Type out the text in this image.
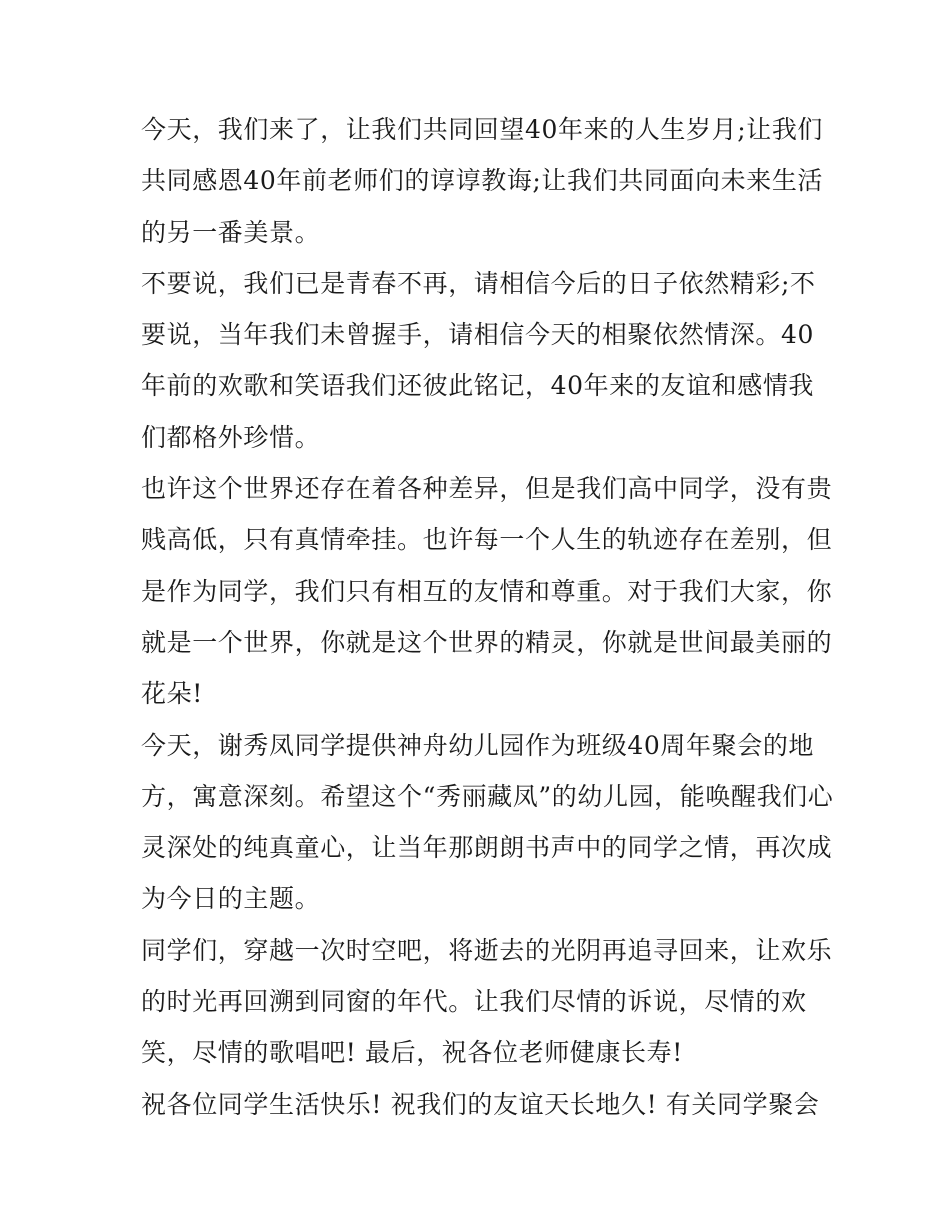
今天，我们来了，让我们共同回望40年来的人生岁月;让我们
共同感恩40年前老师们的谆谆教诲;让我们共同面向未来生活
的另一番美景。
不要说，我们已是青春不再，请相信今后的日子依然精彩;不
要说，当年我们未曾握手，请相信今天的相聚依然情深。40
年前的欢歌和笑语我们还彼此铭记，40年来的友谊和感情我
们都格外珍惜。
也许这个世界还存在着各种差异，但是我们高中同学，没有贵
贱高低，只有真情牵挂。也许每一个人生的轨迹存在差别，但
是作为同学，我们只有相互的友情和尊重。对于我们大家，你
就是一个世界，你就是这个世界的精灵，你就是世间最美丽的
花朵!
今天，谢秀凤同学提供神舟幼儿园作为班级40周年聚会的地
方，寓意深刻。希望这个“秀丽藏凤”的幼儿园，能唤醒我们心
灵深处的纯真童心，让当年那朗朗书声中的同学之情，再次成
为今日的主题。
同学们，穿越一次时空吧，将逝去的光阴再追寻回来，让欢乐
的时光再回溯到同窗的年代。让我们尽情的诉说，尽情的欢
笑，尽情的歌唱吧! 最后，祝各位老师健康长寿!
祝各位同学生活快乐! 祝我们的友谊天长地久! 有关同学聚会
